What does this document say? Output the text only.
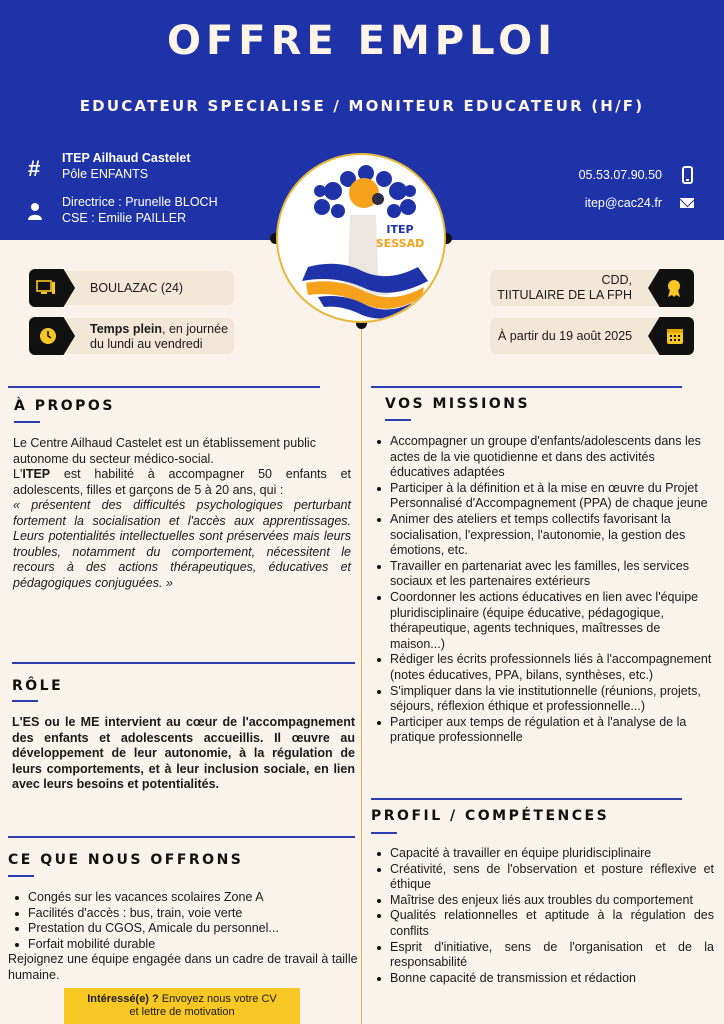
OFFRE EMPLOI
EDUCATEUR SPECIALISE / MONITEUR EDUCATEUR (H/F)
# ITEP Ailhaud Castelet
Pôle ENFANTS
Directrice : Prunelle BLOCH
CSE : Emilie PAILLER
05.53.07.90.50
itep@cac24.fr
ITEP
SESSAD
BOULAZAC (24)
Temps plein, en journée
du lundi au vendredi
CDD,
TIITULAIRE DE LA FPH
À partir du 19 août 2025
À PROPOS
Le Centre Ailhaud Castelet est un établissement public autonome du secteur médico-social.
L'ITEP est habilité à accompagner 50 enfants et adolescents, filles et garçons de 5 à 20 ans, qui :
« présentent des difficultés psychologiques perturbant fortement la socialisation et l'accès aux apprentissages. Leurs potentialités intellectuelles sont préservées mais leurs troubles, notamment du comportement, nécessitent le recours à des actions thérapeutiques, éducatives et pédagogiques conjuguées. »
RÔLE
L'ES ou le ME intervient au cœur de l'accompagnement des enfants et adolescents accueillis. Il œuvre au développement de leur autonomie, à la régulation de leurs comportements, et à leur inclusion sociale, en lien avec leurs besoins et potentialités.
CE QUE NOUS OFFRONS
Congés sur les vacances scolaires Zone A
Facilités d'accès : bus, train, voie verte
Prestation du CGOS, Amicale du personnel...
Forfait mobilité durable
Rejoignez une équipe engagée dans un cadre de travail à taille humaine.
Intéressé(e) ? Envoyez nous votre CV
et lettre de motivation
VOS MISSIONS
Accompagner un groupe d'enfants/adolescents dans les actes de la vie quotidienne et dans des activités éducatives adaptées
Participer à la définition et à la mise en œuvre du Projet Personnalisé d'Accompagnement (PPA) de chaque jeune
Animer des ateliers et temps collectifs favorisant la socialisation, l'expression, l'autonomie, la gestion des émotions, etc.
Travailler en partenariat avec les familles, les services sociaux et les partenaires extérieurs
Coordonner les actions éducatives en lien avec l'équipe pluridisciplinaire (équipe éducative, pédagogique, thérapeutique, agents techniques, maîtresses de maison...)
Rédiger les écrits professionnels liés à l'accompagnement (notes éducatives, PPA, bilans, synthèses, etc.)
S'impliquer dans la vie institutionnelle (réunions, projets, séjours, réflexion éthique et professionnelle...)
Participer aux temps de régulation et à l'analyse de la pratique professionnelle
PROFIL / COMPÉTENCES
Capacité à travailler en équipe pluridisciplinaire
Créativité, sens de l'observation et posture réflexive et éthique
Maîtrise des enjeux liés aux troubles du comportement
Qualités relationnelles et aptitude à la régulation des conflits
Esprit d'initiative, sens de l'organisation et de la responsabilité
Bonne capacité de transmission et rédaction
